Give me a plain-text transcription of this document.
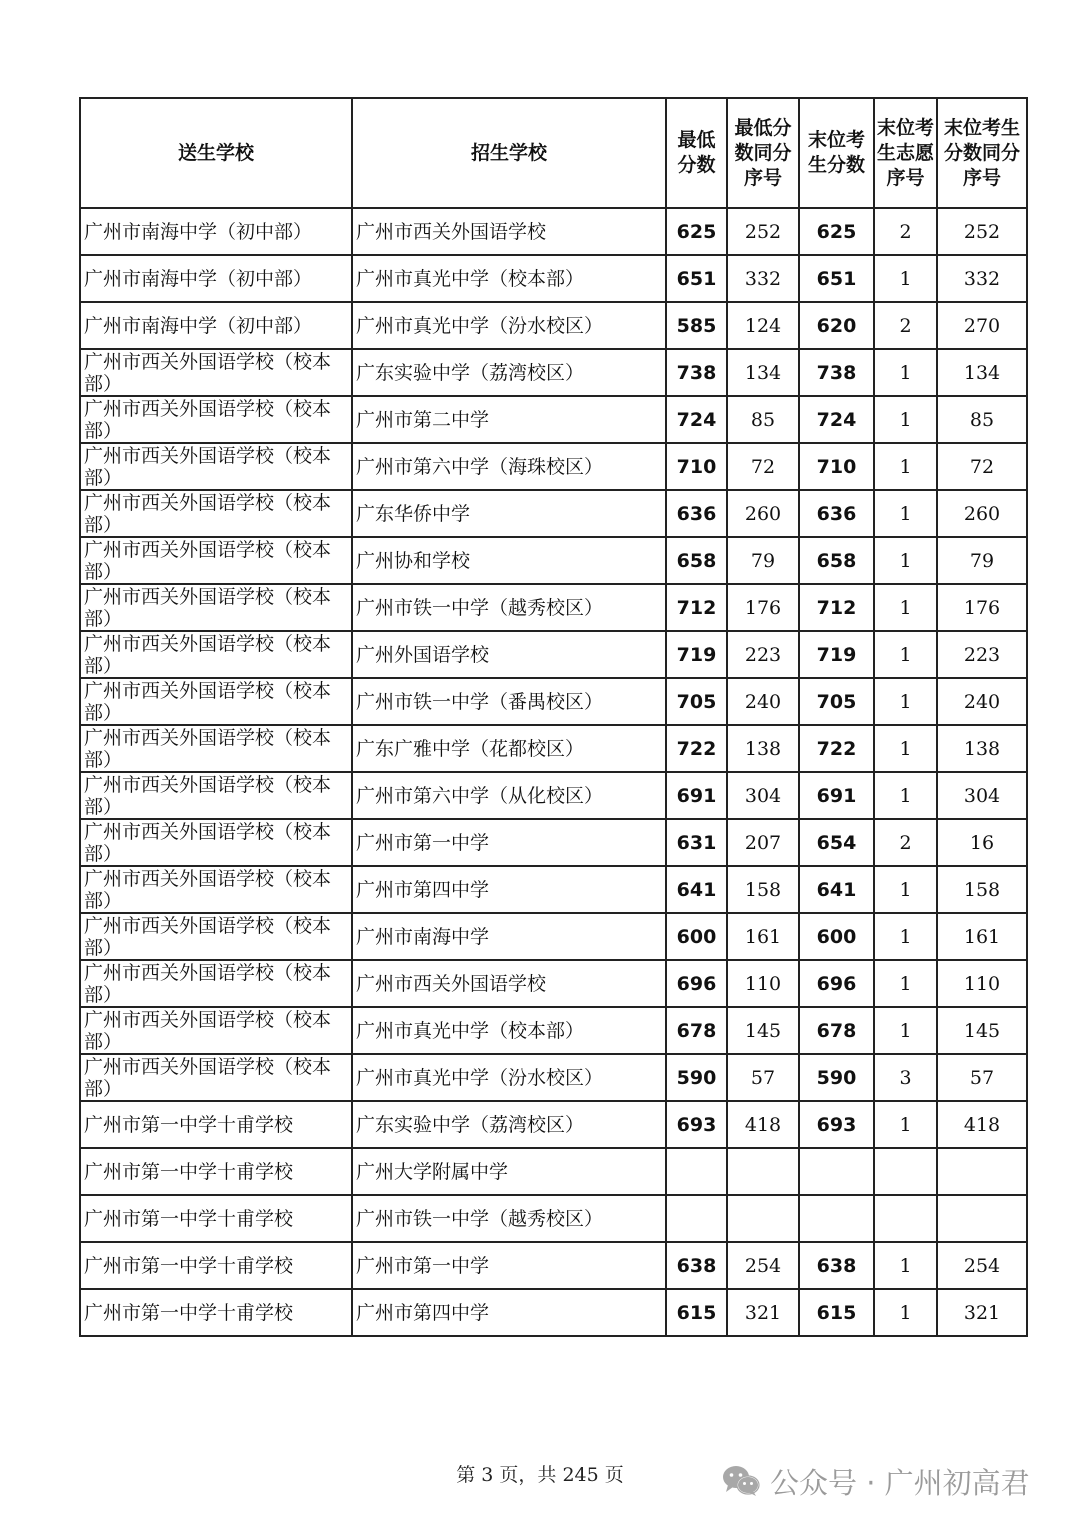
送生学校	招生学校	最低分数	最低分数同分序号	末位考生分数	末位考生志愿序号	末位考生分数同分序号
广州市南海中学（初中部）	广州市西关外国语学校	625	252	625	2	252
广州市南海中学（初中部）	广州市真光中学（校本部）	651	332	651	1	332
广州市南海中学（初中部）	广州市真光中学（汾水校区）	585	124	620	2	270
广州市西关外国语学校（校本部）	广东实验中学（荔湾校区）	738	134	738	1	134
广州市西关外国语学校（校本部）	广州市第二中学	724	85	724	1	85
广州市西关外国语学校（校本部）	广州市第六中学（海珠校区）	710	72	710	1	72
广州市西关外国语学校（校本部）	广东华侨中学	636	260	636	1	260
广州市西关外国语学校（校本部）	广州协和学校	658	79	658	1	79
广州市西关外国语学校（校本部）	广州市铁一中学（越秀校区）	712	176	712	1	176
广州市西关外国语学校（校本部）	广州外国语学校	719	223	719	1	223
广州市西关外国语学校（校本部）	广州市铁一中学（番禺校区）	705	240	705	1	240
广州市西关外国语学校（校本部）	广东广雅中学（花都校区）	722	138	722	1	138
广州市西关外国语学校（校本部）	广州市第六中学（从化校区）	691	304	691	1	304
广州市西关外国语学校（校本部）	广州市第一中学	631	207	654	2	16
广州市西关外国语学校（校本部）	广州市第四中学	641	158	641	1	158
广州市西关外国语学校（校本部）	广州市南海中学	600	161	600	1	161
广州市西关外国语学校（校本部）	广州市西关外国语学校	696	110	696	1	110
广州市西关外国语学校（校本部）	广州市真光中学（校本部）	678	145	678	1	145
广州市西关外国语学校（校本部）	广州市真光中学（汾水校区）	590	57	590	3	57
广州市第一中学十甫学校	广东实验中学（荔湾校区）	693	418	693	1	418
广州市第一中学十甫学校	广州大学附属中学					
广州市第一中学十甫学校	广州市铁一中学（越秀校区）					
广州市第一中学十甫学校	广州市第一中学	638	254	638	1	254
广州市第一中学十甫学校	广州市第四中学	615	321	615	1	321
第 3 页，共 245 页	公众号 · 广州初高君
